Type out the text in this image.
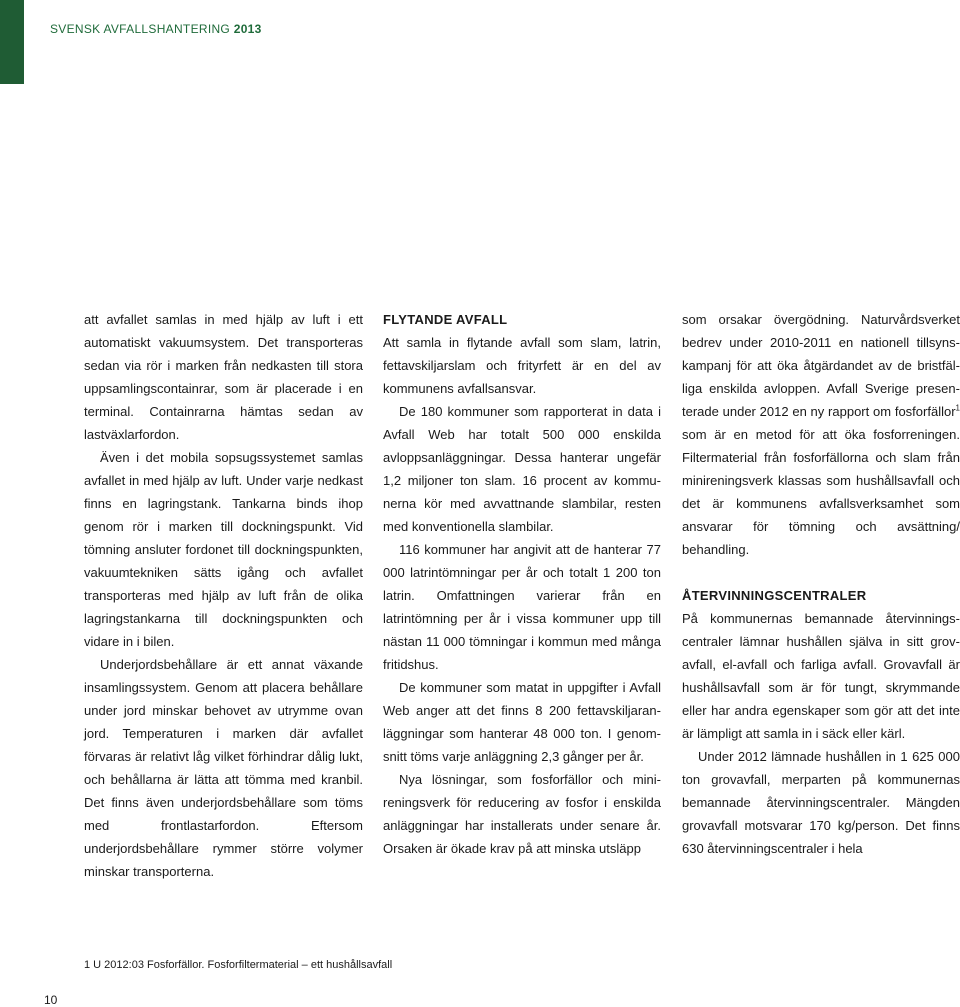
SVENSK AVFALLSHANTERING 2013

att avfallet samlas in med hjälp av luft i ett automatiskt vakuumsystem. Det transporteras sedan via rör i marken från nedkasten till stora uppsamlingscontainrar, som är placerade i en terminal. Containrarna hämtas sedan av lastväxlarfordon.

Även i det mobila sopsugssystemet samlas avfallet in med hjälp av luft. Under varje nedkast finns en lagringstank. Tankarna binds ihop genom rör i marken till dockningspunkt. Vid tömning ansluter fordonet till dockningspunkten, vakuumtekniken sätts igång och avfallet transporteras med hjälp av luft från de olika lagringstankarna till dockningspunkten och vidare in i bilen.

Underjordsbehållare är ett annat växande insamlingssystem. Genom att placera behållare under jord minskar behovet av utrymme ovan jord. Temperaturen i marken där avfallet förvaras är relativt låg vilket förhindrar dålig lukt, och behållarna är lätta att tömma med kranbil. Det finns även underjordsbehållare som töms med frontlastarfordon. Eftersom underjordsbehållare rymmer större volymer minskar transporterna.

FLYTANDE AVFALL

Att samla in flytande avfall som slam, latrin, fettavskiljarslam och frityrfett är en del av kommunens avfallsansvar.

De 180 kommuner som rapporterat in data i Avfall Web har totalt 500 000 enskilda avloppsanläggningar. Dessa hanterar ungefär 1,2 miljoner ton slam. 16 procent av kommunerna kör med avvattnande slambilar, resten med konventionella slambilar.

116 kommuner har angivit att de hanterar 77 000 latrintömningar per år och totalt 1 200 ton latrin. Omfattningen varierar från en latrintömning per år i vissa kommuner upp till nästan 11 000 tömningar i kommun med många fritidshus.

De kommuner som matat in uppgifter i Avfall Web anger att det finns 8 200 fettavskiljaranläggningar som hanterar 48 000 ton. I genomsnitt töms varje anläggning 2,3 gånger per år.

Nya lösningar, som fosforfällor och minireningsverk för reducering av fosfor i enskilda anläggningar har installerats under senare år. Orsaken är ökade krav på att minska utsläpp

som orsakar övergödning. Naturvårdsverket bedrev under 2010-2011 en nationell tillsynskampanj för att öka åtgärdandet av de bristfälliga enskilda avloppen. Avfall Sverige presenterade under 2012 en ny rapport om fosforfällor$^1$ som är en metod för att öka fosforreningen. Filtermaterial från fosforfällorna och slam från minireningsverk klassas som hushållsavfall och det är kommunens avfallsverksamhet som ansvarar för tömning och avsättning/ behandling.

ÅTERVINNINGSCENTRALER

På kommunernas bemannade återvinningscentraler lämnar hushållen själva in sitt grovavfall, el-avfall och farliga avfall. Grovavfall är hushållsavfall som är för tungt, skrymmande eller har andra egenskaper som gör att det inte är lämpligt att samla in i säck eller kärl.

Under 2012 lämnade hushållen in 1 625 000 ton grovavfall, merparten på kommunernas bemannade återvinningscentraler. Mängden grovavfall motsvarar 170 kg/person. Det finns 630 återvinningscentraler i hela

1 U 2012:03 Fosforfällor. Fosforfiltermaterial – ett hushållsavfall
10
